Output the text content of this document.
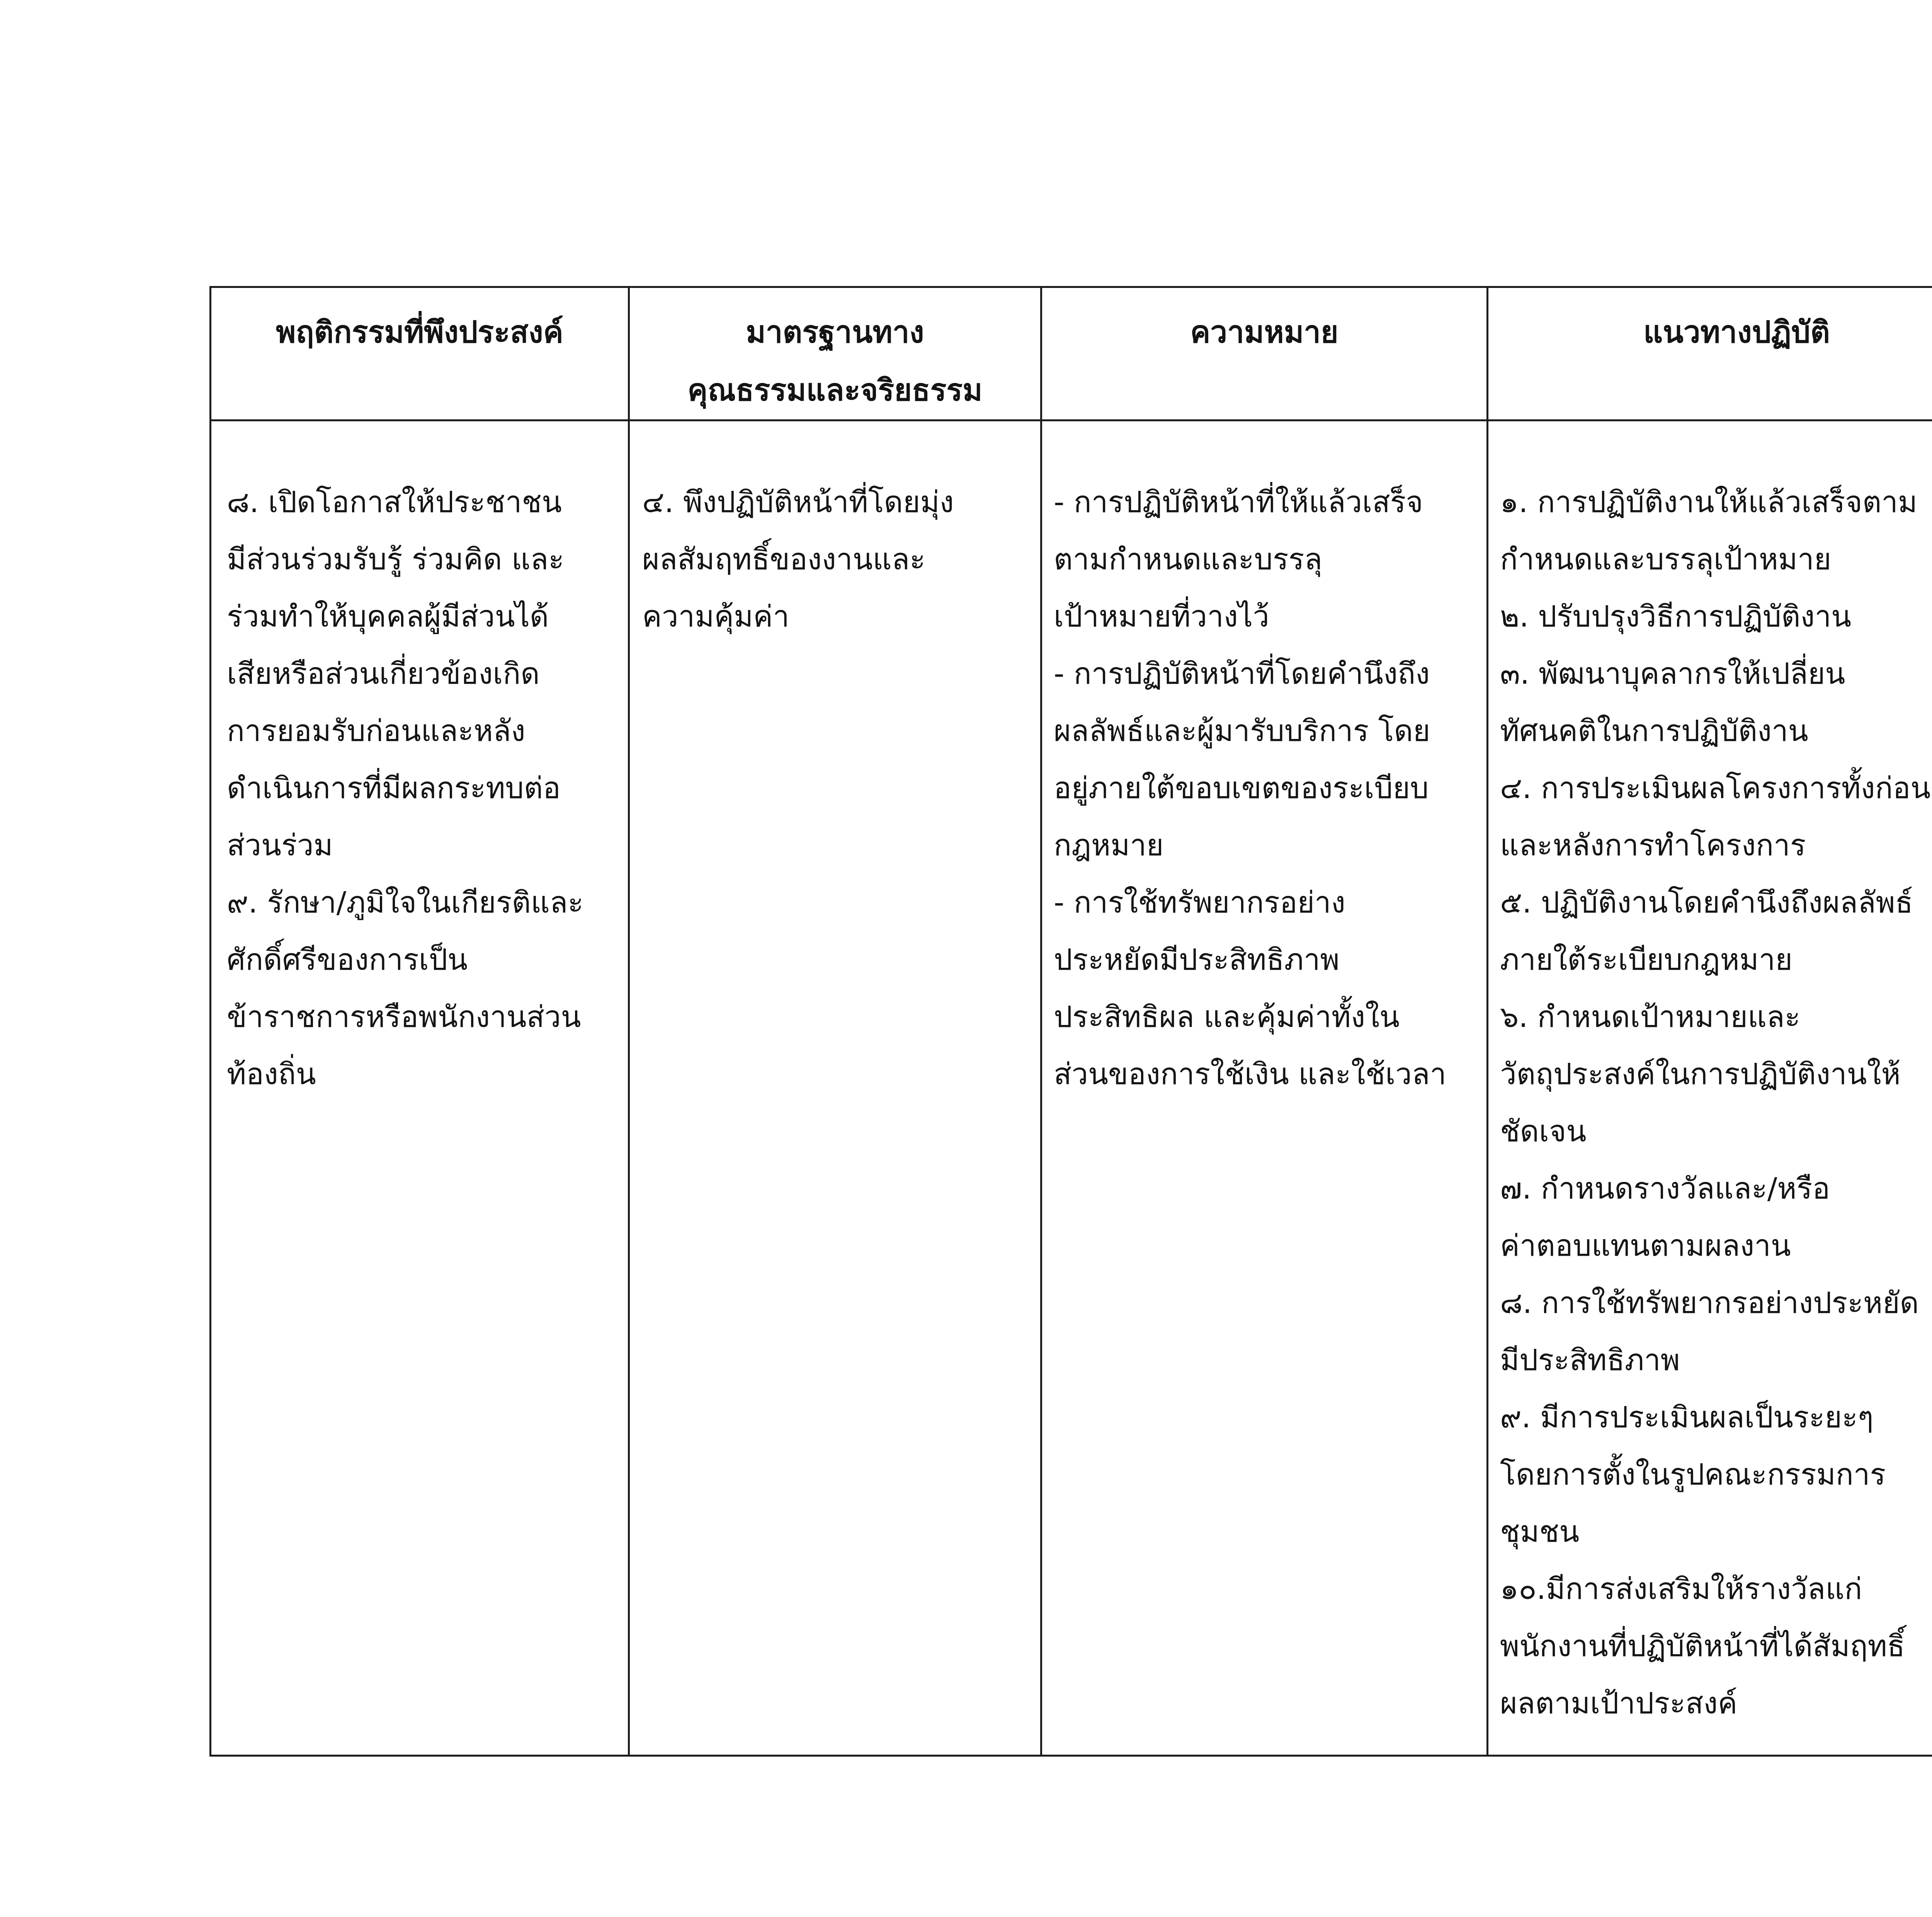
พฤติกรรมที่พึงประสงค์	มาตรฐานทาง
คุณธรรมและจริยธรรม
ความหมาย	แนวทางปฏิบัติ
๘. เปิดโอกาสให้ประชาชน
มีส่วนร่วมรับรู้ ร่วมคิด และ
ร่วมทำให้บุคคลผู้มีส่วนได้
เสียหรือส่วนเกี่ยวข้องเกิด
การยอมรับก่อนและหลัง
ดำเนินการที่มีผลกระทบต่อ
ส่วนร่วม
๙. รักษา/ภูมิใจในเกียรติและ
ศักดิ์ศรีของการเป็น
ข้าราชการหรือพนักงานส่วน
ท้องถิ่น
๔. พึงปฏิบัติหน้าที่โดยมุ่ง
ผลสัมฤทธิ์ของงานและ
ความคุ้มค่า
- การปฏิบัติหน้าที่ให้แล้วเสร็จ
ตามกำหนดและบรรลุ
เป้าหมายที่วางไว้
- การปฏิบัติหน้าที่โดยคำนึงถึง
ผลลัพธ์และผู้มารับบริการ โดย
อยู่ภายใต้ขอบเขตของระเบียบ
กฎหมาย
- การใช้ทรัพยากรอย่าง
ประหยัดมีประสิทธิภาพ
ประสิทธิผล และคุ้มค่าทั้งใน
ส่วนของการใช้เงิน และใช้เวลา
๑. การปฏิบัติงานให้แล้วเสร็จตาม
กำหนดและบรรลุเป้าหมาย
๒. ปรับปรุงวิธีการปฏิบัติงาน
๓. พัฒนาบุคลากรให้เปลี่ยน
ทัศนคติในการปฏิบัติงาน
๔. การประเมินผลโครงการทั้งก่อน
และหลังการทำโครงการ
๕. ปฏิบัติงานโดยคำนึงถึงผลลัพธ์
ภายใต้ระเบียบกฎหมาย
๖. กำหนดเป้าหมายและ
วัตถุประสงค์ในการปฏิบัติงานให้
ชัดเจน
๗. กำหนดรางวัลและ/หรือ
ค่าตอบแทนตามผลงาน
๘. การใช้ทรัพยากรอย่างประหยัด
มีประสิทธิภาพ
๙. มีการประเมินผลเป็นระยะๆ
โดยการตั้งในรูปคณะกรรมการ
ชุมชน
๑๐.มีการส่งเสริมให้รางวัลแก่
พนักงานที่ปฏิบัติหน้าที่ได้สัมฤทธิ์
ผลตามเป้าประสงค์
